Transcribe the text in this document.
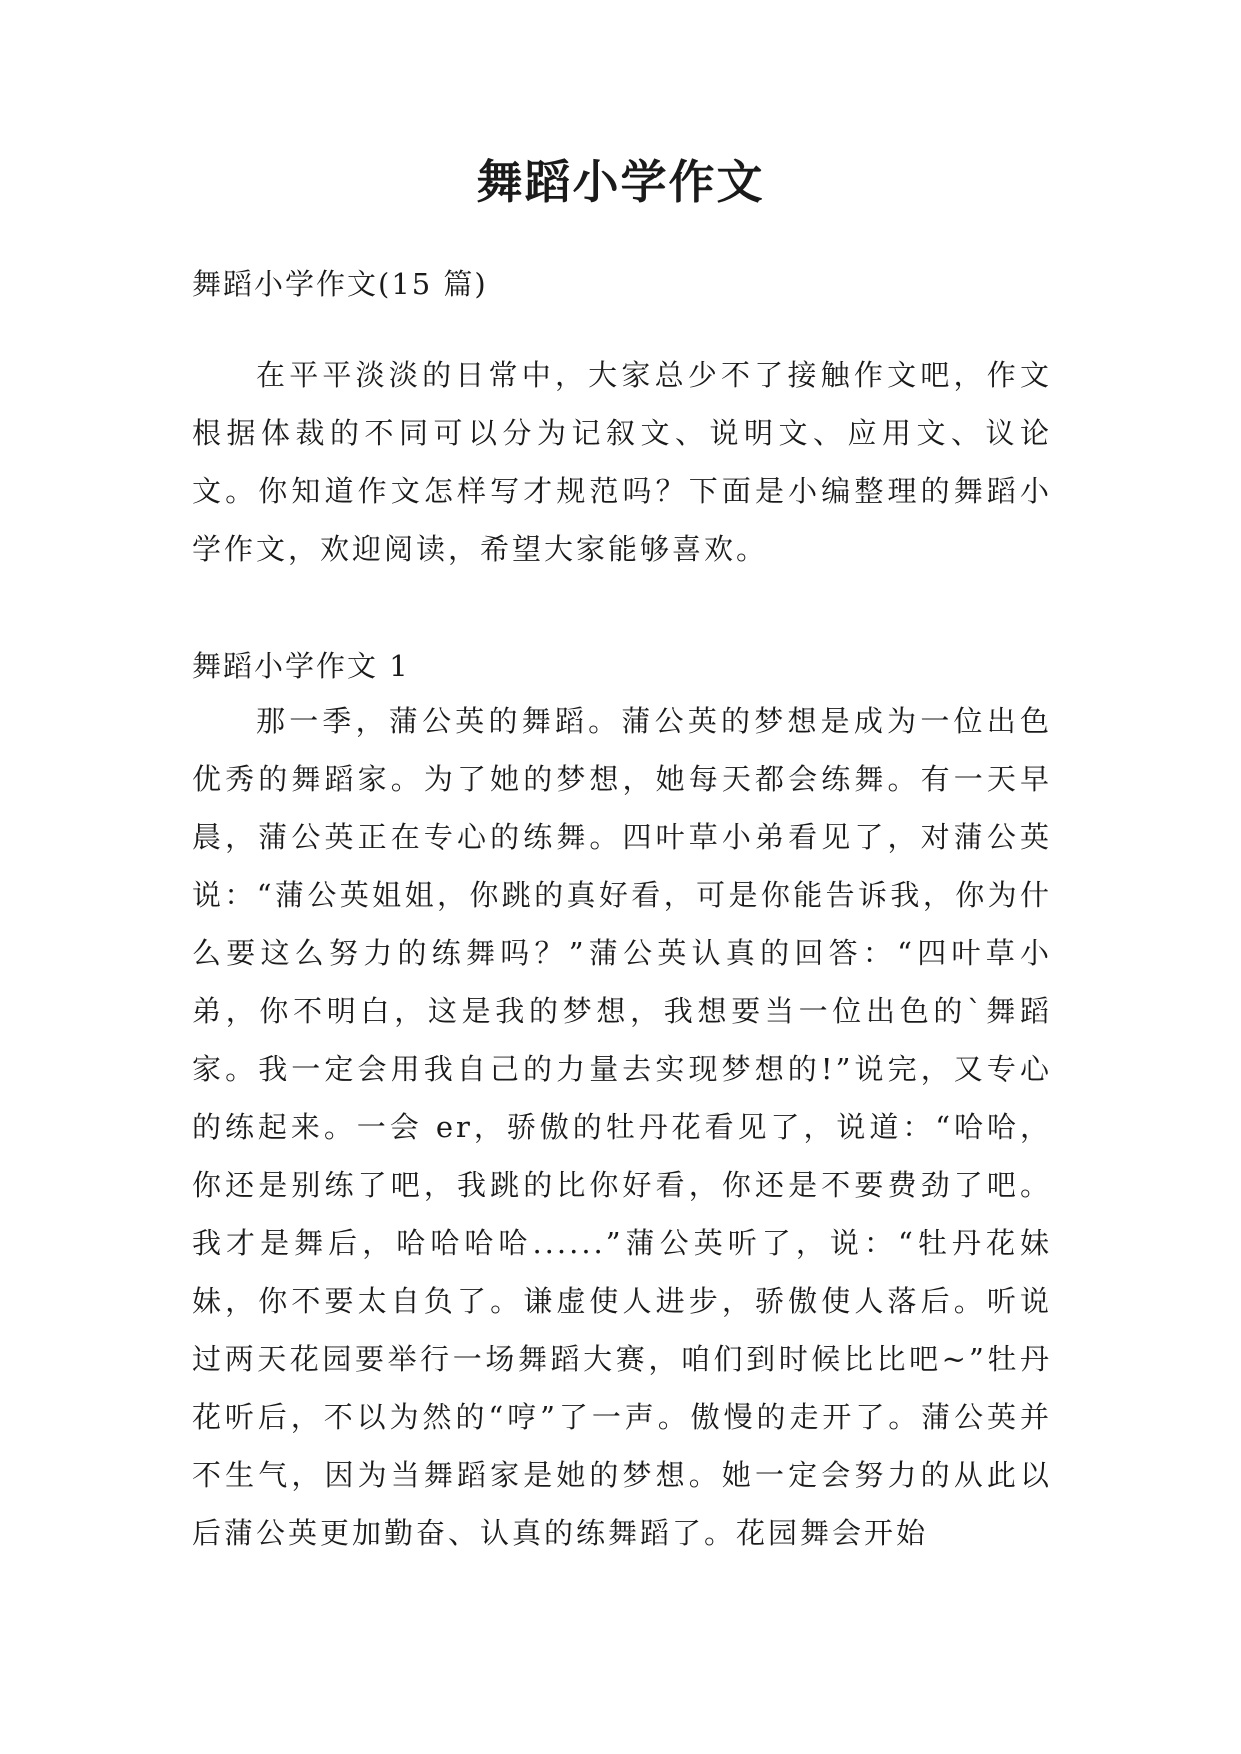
舞蹈小学作文

舞蹈小学作文(15 篇)

在平平淡淡的日常中，大家总少不了接触作文吧，作文根据体裁的不同可以分为记叙文、说明文、应用文、议论文。你知道作文怎样写才规范吗？下面是小编整理的舞蹈小学作文，欢迎阅读，希望大家能够喜欢。

舞蹈小学作文 1

那一季，蒲公英的舞蹈。蒲公英的梦想是成为一位出色优秀的舞蹈家。为了她的梦想，她每天都会练舞。有一天早晨，蒲公英正在专心的练舞。四叶草小弟看见了，对蒲公英说：“蒲公英姐姐，你跳的真好看，可是你能告诉我，你为什么要这么努力的练舞吗？”蒲公英认真的回答：“四叶草小弟，你不明白，这是我的梦想，我想要当一位出色的`舞蹈家。我一定会用我自己的力量去实现梦想的!”说完，又专心的练起来。一会 er，骄傲的牡丹花看见了，说道：“哈哈，你还是别练了吧，我跳的比你好看，你还是不要费劲了吧。我才是舞后，哈哈哈哈......”蒲公英听了，说：“牡丹花妹妹，你不要太自负了。谦虚使人进步，骄傲使人落后。听说过两天花园要举行一场舞蹈大赛，咱们到时候比比吧~”牡丹花听后，不以为然的“哼”了一声。傲慢的走开了。蒲公英并不生气，因为当舞蹈家是她的梦想。她一定会努力的从此以后蒲公英更加勤奋、认真的练舞蹈了。花园舞会开始
